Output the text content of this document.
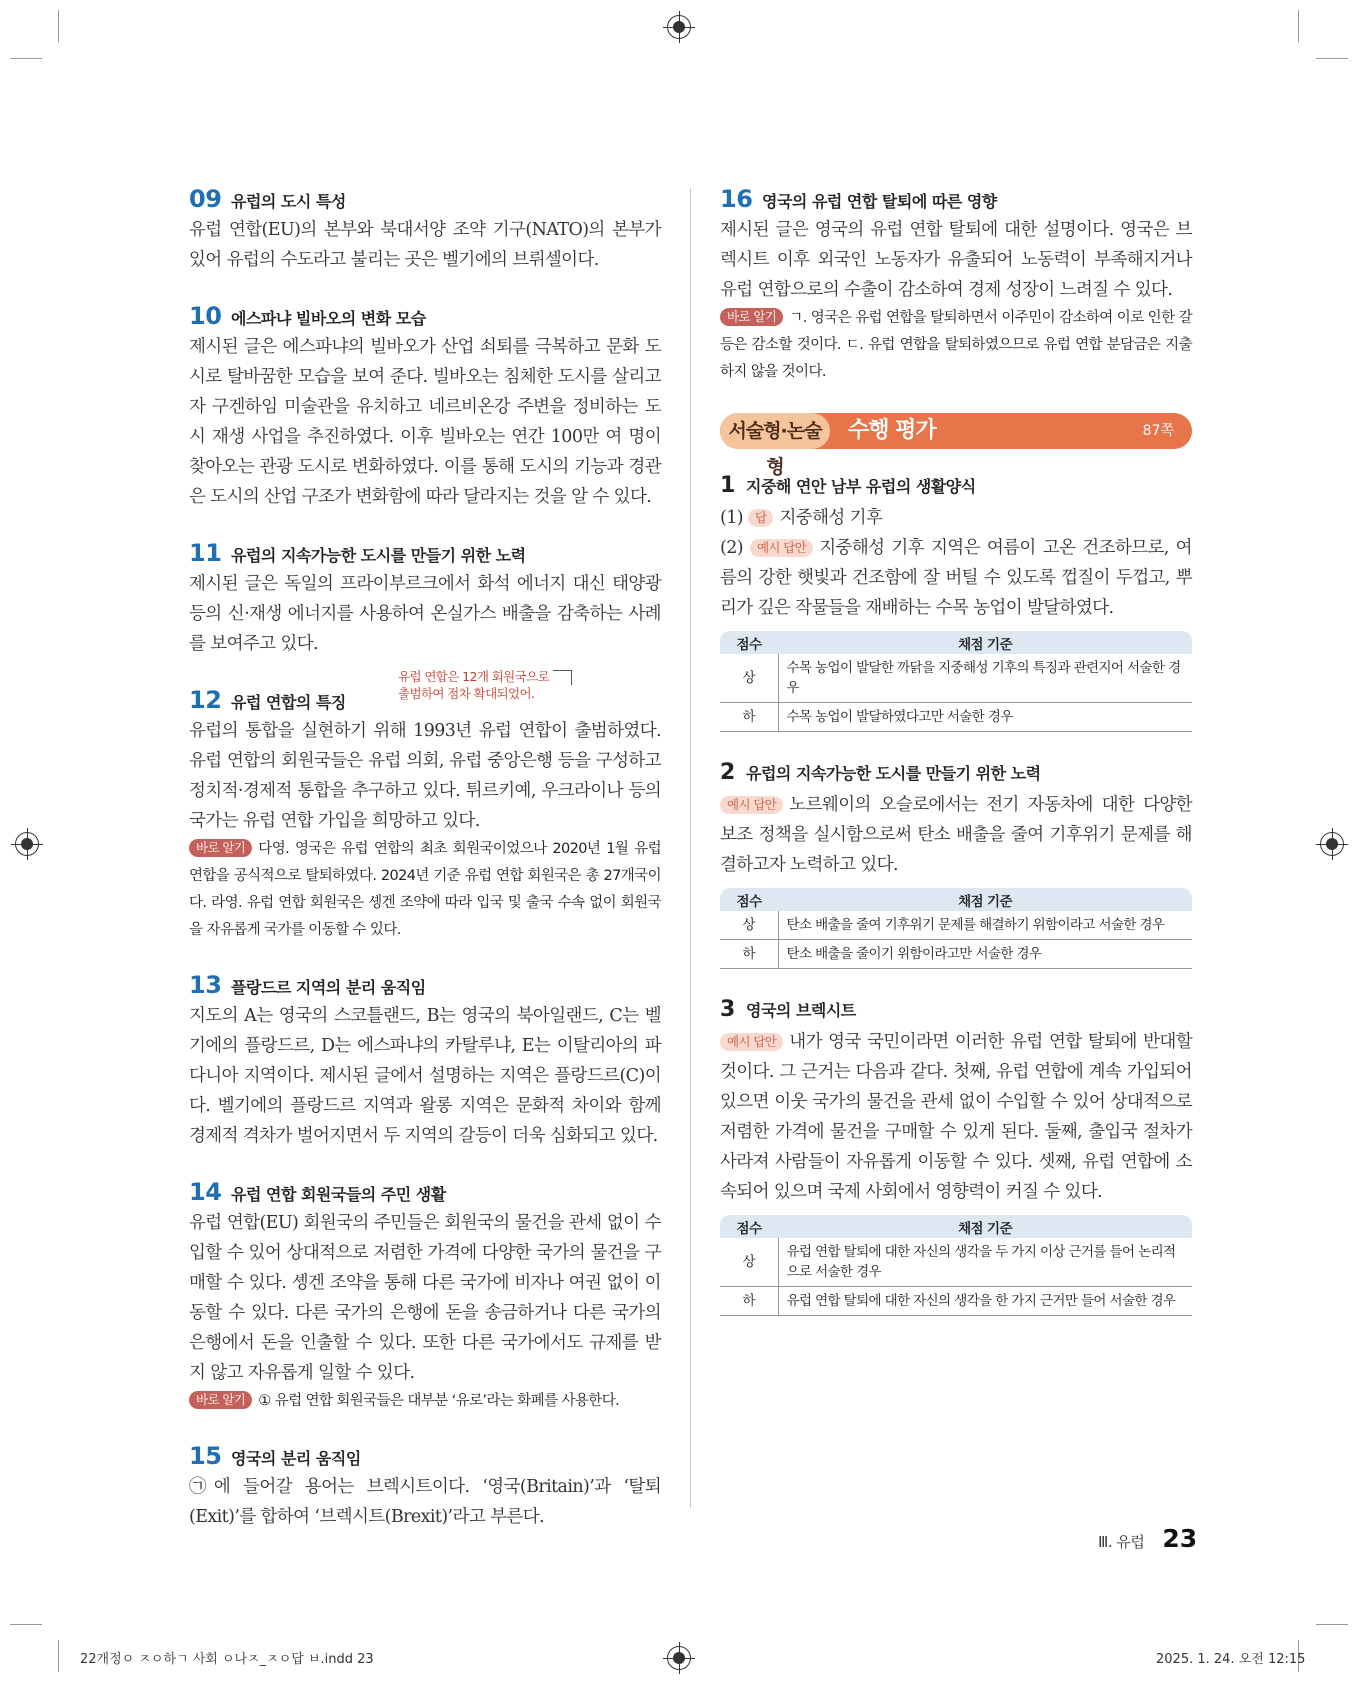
09 유럽의 도시 특성
유럽 연합(EU)의 본부와 북대서양 조약 기구(NATO)의 본부가 있어 유럽의 수도라고 불리는 곳은 벨기에의 브뤼셀이다.
10 에스파냐 빌바오의 변화 모습
제시된 글은 에스파냐의 빌바오가 산업 쇠퇴를 극복하고 문화 도시로 탈바꿈한 모습을 보여 준다. 빌바오는 침체한 도시를 살리고자 구겐하임 미술관을 유치하고 네르비온강 주변을 정비하는 도시 재생 사업을 추진하였다. 이후 빌바오는 연간 100만 여 명이 찾아오는 관광 도시로 변화하였다. 이를 통해 도시의 기능과 경관은 도시의 산업 구조가 변화함에 따라 달라지는 것을 알 수 있다.
11 유럽의 지속가능한 도시를 만들기 위한 노력
제시된 글은 독일의 프라이부르크에서 화석 에너지 대신 태양광 등의 신·재생 에너지를 사용하여 온실가스 배출을 감축하는 사례를 보여주고 있다.
유럽 연합은 12개 회원국으로
출범하여 점차 확대되었어.
12 유럽 연합의 특징
유럽의 통합을 실현하기 위해 1993년 유럽 연합이 출범하였다. 유럽 연합의 회원국들은 유럽 의회, 유럽 중앙은행 등을 구성하고 정치적·경제적 통합을 추구하고 있다. 튀르키예, 우크라이나 등의 국가는 유럽 연합 가입을 희망하고 있다.
바로 알기 다영. 영국은 유럽 연합의 최초 회원국이었으나 2020년 1월 유럽 연합을 공식적으로 탈퇴하였다. 2024년 기준 유럽 연합 회원국은 총 27개국이다. 라영. 유럽 연합 회원국은 솅겐 조약에 따라 입국 및 출국 수속 없이 회원국을 자유롭게 국가를 이동할 수 있다.
13 플랑드르 지역의 분리 움직임
지도의 A는 영국의 스코틀랜드, B는 영국의 북아일랜드, C는 벨기에의 플랑드르, D는 에스파냐의 카탈루냐, E는 이탈리아의 파다니아 지역이다. 제시된 글에서 설명하는 지역은 플랑드르(C)이다. 벨기에의 플랑드르 지역과 왈롱 지역은 문화적 차이와 함께 경제적 격차가 벌어지면서 두 지역의 갈등이 더욱 심화되고 있다.
14 유럽 연합 회원국들의 주민 생활
유럽 연합(EU) 회원국의 주민들은 회원국의 물건을 관세 없이 수입할 수 있어 상대적으로 저렴한 가격에 다양한 국가의 물건을 구매할 수 있다. 솅겐 조약을 통해 다른 국가에 비자나 여권 없이 이동할 수 있다. 다른 국가의 은행에 돈을 송금하거나 다른 국가의 은행에서 돈을 인출할 수 있다. 또한 다른 국가에서도 규제를 받지 않고 자유롭게 일할 수 있다.
바로 알기 ① 유럽 연합 회원국들은 대부분 ‘유로’라는 화폐를 사용한다.
15 영국의 분리 움직임
㉠에 들어갈 용어는 브렉시트이다. ‘영국(Britain)’과 ‘탈퇴(Exit)’를 합하여 ‘브렉시트(Brexit)’라고 부른다.
16 영국의 유럽 연합 탈퇴에 따른 영향
제시된 글은 영국의 유럽 연합 탈퇴에 대한 설명이다. 영국은 브렉시트 이후 외국인 노동자가 유출되어 노동력이 부족해지거나 유럽 연합으로의 수출이 감소하여 경제 성장이 느려질 수 있다.
바로 알기 ㄱ. 영국은 유럽 연합을 탈퇴하면서 이주민이 감소하여 이로 인한 갈등은 감소할 것이다. ㄷ. 유럽 연합을 탈퇴하였으므로 유럽 연합 분담금은 지출하지 않을 것이다.
서술형·논술형
수행 평가	87쪽
1 지중해 연안 남부 유럽의 생활양식
(1) 답 지중해성 기후
(2) 예시 답안 지중해성 기후 지역은 여름이 고온 건조하므로, 여름의 강한 햇빛과 건조함에 잘 버틸 수 있도록 껍질이 두껍고, 뿌리가 깊은 작물들을 재배하는 수목 농업이 발달하였다.
점수	채점 기준
상	수목 농업이 발달한 까닭을 지중해성 기후의 특징과 관련지어 서술한 경우
하	수목 농업이 발달하였다고만 서술한 경우
2 유럽의 지속가능한 도시를 만들기 위한 노력
예시 답안 노르웨이의 오슬로에서는 전기 자동차에 대한 다양한 보조 정책을 실시함으로써 탄소 배출을 줄여 기후위기 문제를 해결하고자 노력하고 있다.
점수	채점 기준
상	탄소 배출을 줄여 기후위기 문제를 해결하기 위함이라고 서술한 경우
하	탄소 배출을 줄이기 위함이라고만 서술한 경우
3 영국의 브렉시트
예시 답안 내가 영국 국민이라면 이러한 유럽 연합 탈퇴에 반대할 것이다. 그 근거는 다음과 같다. 첫째, 유럽 연합에 계속 가입되어 있으면 이웃 국가의 물건을 관세 없이 수입할 수 있어 상대적으로 저렴한 가격에 물건을 구매할 수 있게 된다. 둘째, 출입국 절차가 사라져 사람들이 자유롭게 이동할 수 있다. 셋째, 유럽 연합에 소속되어 있으며 국제 사회에서 영향력이 커질 수 있다.
점수	채점 기준
상	유럽 연합 탈퇴에 대한 자신의 생각을 두 가지 이상 근거를 들어 논리적으로 서술한 경우
하	유럽 연합 탈퇴에 대한 자신의 생각을 한 가지 근거만 들어 서술한 경우
Ⅲ. 유럽 23
22개정ㅇ ㅈㅇ하ㄱ 사회 ㅇ나ㅈ_ㅈㅇ답 ㅂ.indd 23	2025. 1. 24. 오전 12:15
